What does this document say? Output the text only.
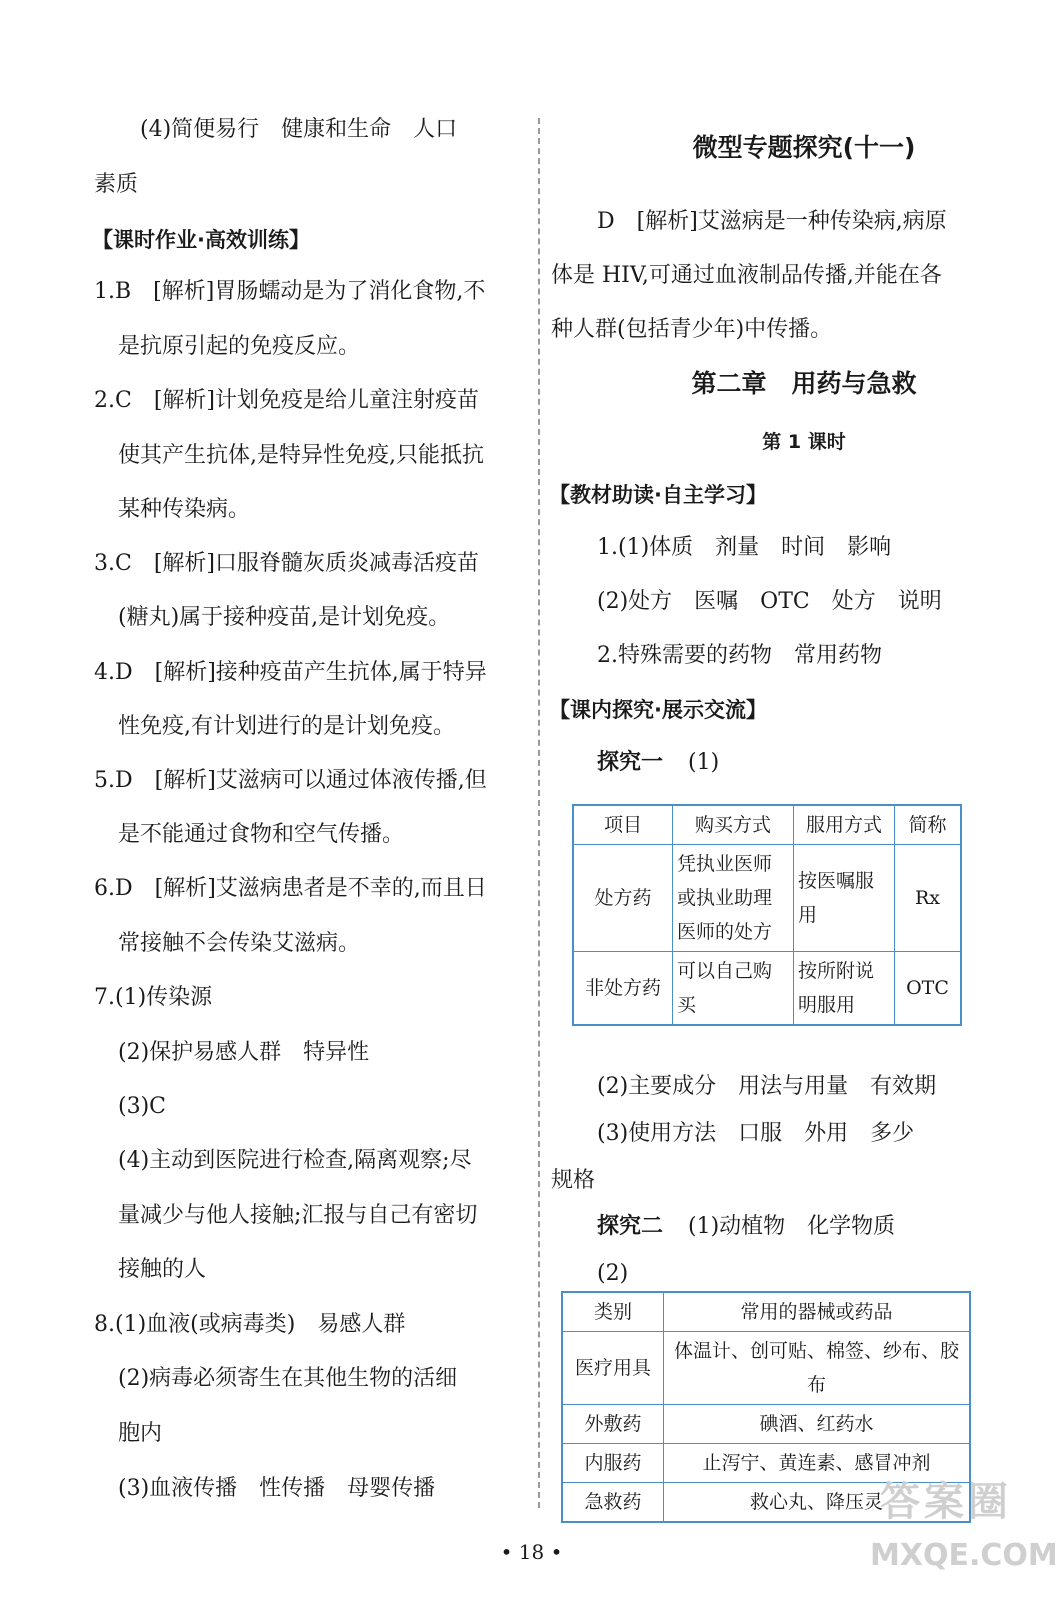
(4)简便易行　健康和生命　人口
素质
【课时作业·高效训练】
1.B　[解析]胃肠蠕动是为了消化食物,不
是抗原引起的免疫反应。
2.C　[解析]计划免疫是给儿童注射疫苗
使其产生抗体,是特异性免疫,只能抵抗
某种传染病。
3.C　[解析]口服脊髓灰质炎减毒活疫苗
(糖丸)属于接种疫苗,是计划免疫。
4.D　[解析]接种疫苗产生抗体,属于特异
性免疫,有计划进行的是计划免疫。
5.D　[解析]艾滋病可以通过体液传播,但
是不能通过食物和空气传播。
6.D　[解析]艾滋病患者是不幸的,而且日
常接触不会传染艾滋病。
7.(1)传染源
(2)保护易感人群　特异性
(3)C
(4)主动到医院进行检查,隔离观察;尽
量减少与他人接触;汇报与自己有密切
接触的人
8.(1)血液(或病毒类)　易感人群
(2)病毒必须寄生在其他生物的活细
胞内
(3)血液传播　性传播　母婴传播
微型专题探究(十一)
D　[解析]艾滋病是一种传染病,病原
体是 HIV,可通过血液制品传播,并能在各
种人群(包括青少年)中传播。
第二章　用药与急救
第 1 课时
【教材助读·自主学习】
1.(1)体质　剂量　时间　影响
(2)处方　医嘱　OTC　处方　说明
2.特殊需要的药物　常用药物
【课内探究·展示交流】
探究一 (1)
项目	购买方式	服用方式	简称
处方药	凭执业医师或执业助理医师的处方	按医嘱服用	Rx
非处方药	可以自己购买	按所附说明服用	OTC
(2)主要成分　用法与用量　有效期
(3)使用方法　口服　外用　多少
规格
探究二 (1)动植物　化学物质
(2)
类别	常用的器械或药品
医疗用具	体温计、创可贴、棉签、纱布、胶布
外敷药	碘酒、红药水
内服药	止泻宁、黄连素、感冒冲剂
急救药	救心丸、降压灵
• 18 •
答案圈
MXQE.COM
